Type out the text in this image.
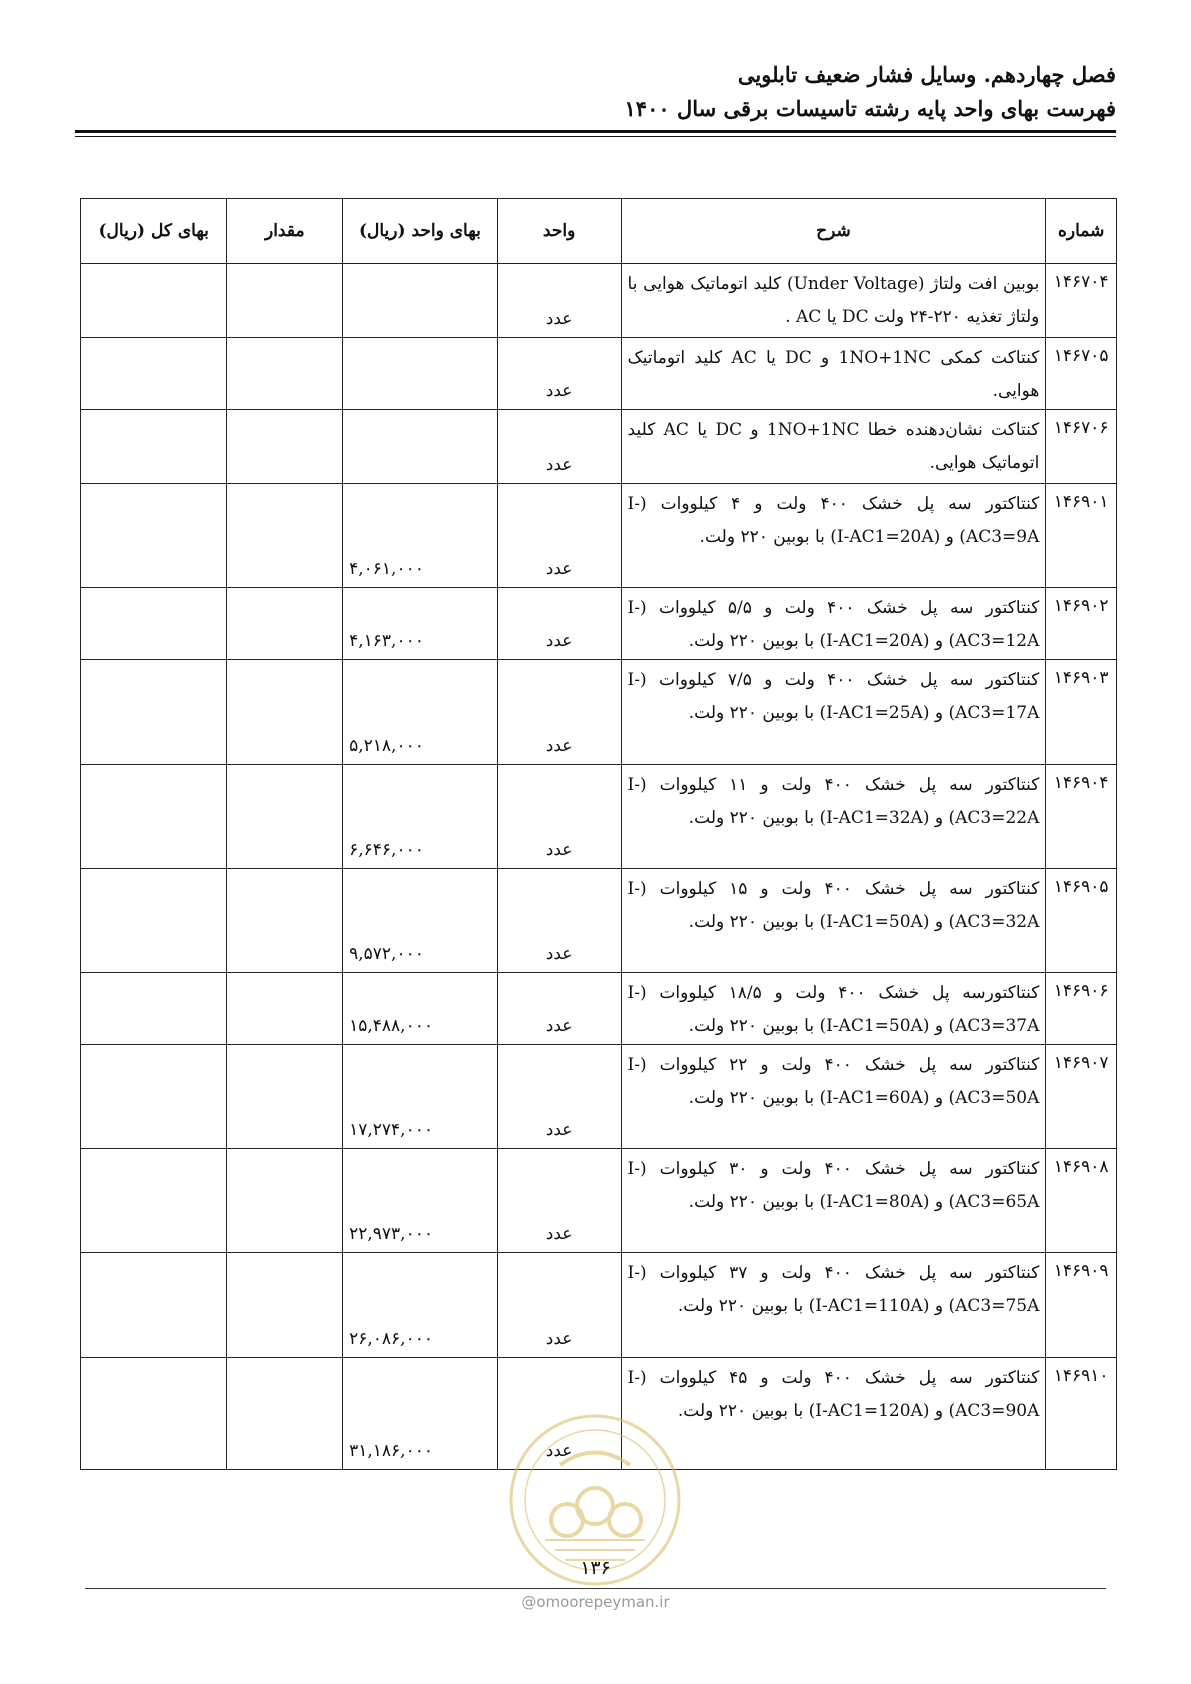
فصل چهاردهم. وسایل فشار ضعیف تابلویی
فهرست بهای واحد پایه رشته تاسیسات برقی سال ۱۴۰۰
شماره	شرح	واحد	بهای واحد (ریال)	مقدار	بهای کل (ریال)
۱۴۶۷۰۴	بوبین افت ولتاژ (Under Voltage) کلید اتوماتیک هوایی با ولتاژ تغذیه ۲۲۰-۲۴ ولت DC یا AC .	عدد			
۱۴۶۷۰۵	کنتاکت کمکی 1NO+1NC و DC یا AC کلید اتوماتیک هوایی.	عدد			
۱۴۶۷۰۶	کنتاکت نشان‌دهنده خطا 1NO+1NC و DC یا AC کلید اتوماتیک هوایی.	عدد			
۱۴۶۹۰۱	کنتاکتور سه پل خشک ۴۰۰ ولت و ۴ کیلووات (I-AC3=9A) و (I-AC1=20A) با بوبین ۲۲۰ ولت.	عدد	۴,۰۶۱,۰۰۰		
۱۴۶۹۰۲	کنتاکتور سه پل خشک ۴۰۰ ولت و ۵/۵ کیلووات (I-AC3=12A) و (I-AC1=20A) با بوبین ۲۲۰ ولت.	عدد	۴,۱۶۳,۰۰۰		
۱۴۶۹۰۳	کنتاکتور سه پل خشک ۴۰۰ ولت و ۷/۵ کیلووات (I-AC3=17A) و (I-AC1=25A) با بوبین ۲۲۰ ولت.	عدد	۵,۲۱۸,۰۰۰		
۱۴۶۹۰۴	کنتاکتور سه پل خشک ۴۰۰ ولت و ۱۱ کیلووات (I-AC3=22A) و (I-AC1=32A) با بوبین ۲۲۰ ولت.	عدد	۶,۶۴۶,۰۰۰		
۱۴۶۹۰۵	کنتاکتور سه پل خشک ۴۰۰ ولت و ۱۵ کیلووات (I-AC3=32A) و (I-AC1=50A) با بوبین ۲۲۰ ولت.	عدد	۹,۵۷۲,۰۰۰		
۱۴۶۹۰۶	کنتاکتورسه پل خشک ۴۰۰ ولت و ۱۸/۵ کیلووات (I-AC3=37A) و (I-AC1=50A) با بوبین ۲۲۰ ولت.	عدد	۱۵,۴۸۸,۰۰۰		
۱۴۶۹۰۷	کنتاکتور سه پل خشک ۴۰۰ ولت و ۲۲ کیلووات (I-AC3=50A) و (I-AC1=60A) با بوبین ۲۲۰ ولت.	عدد	۱۷,۲۷۴,۰۰۰		
۱۴۶۹۰۸	کنتاکتور سه پل خشک ۴۰۰ ولت و ۳۰ کیلووات (I-AC3=65A) و (I-AC1=80A) با بوبین ۲۲۰ ولت.	عدد	۲۲,۹۷۳,۰۰۰		
۱۴۶۹۰۹	کنتاکتور سه پل خشک ۴۰۰ ولت و ۳۷ کیلووات (I-AC3=75A) و (I-AC1=110A) با بوبین ۲۲۰ ولت.	عدد	۲۶,۰۸۶,۰۰۰		
۱۴۶۹۱۰	کنتاکتور سه پل خشک ۴۰۰ ولت و ۴۵ کیلووات (I-AC3=90A) و (I-AC1=120A) با بوبین ۲۲۰ ولت.	عدد	۳۱,۱۸۶,۰۰۰		
۱۳۶
@omoorepeyman.ir
